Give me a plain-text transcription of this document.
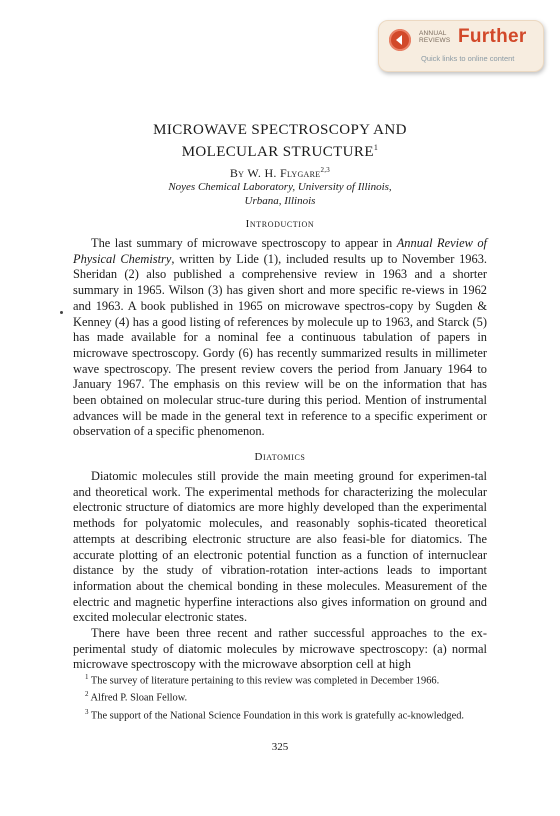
ANNUAL
REVIEWS Further
Quick links to online content
MICROWAVE SPECTROSCOPY AND
MOLECULAR STRUCTURE$^1$
By W. H. Flygare$^{2,3}$
Noyes Chemical Laboratory, University of Illinois,
Urbana, Illinois
Introduction

The last summary of microwave spectroscopy to appear in Annual Review of Physical Chemistry, written by Lide (1), included results up to November 1963. Sheridan (2) also published a comprehensive review in 1963 and a shorter summary in 1965. Wilson (3) has given short and more specific re-views in 1962 and 1963. A book published in 1965 on microwave spectros-copy by Sugden & Kenney (4) has a good listing of references by molecule up to 1963, and Starck (5) has made available for a nominal fee a continuous tabulation of papers in microwave spectroscopy. Gordy (6) has recently summarized results in millimeter wave spectroscopy. The present review covers the period from January 1964 to January 1967. The emphasis on this review will be on the information that has been obtained on molecular struc-ture during this period. Mention of instrumental advances will be made in the general text in reference to a specific experiment or observation of a specific phenomenon.

Diatomics

Diatomic molecules still provide the main meeting ground for experimen-tal and theoretical work. The experimental methods for characterizing the molecular electronic structure of diatomics are more highly developed than the experimental methods for polyatomic molecules, and reasonably sophis-ticated theoretical attempts at describing electronic structure are also feasi-ble for diatomics. The accurate plotting of an electronic potential function as a function of internuclear distance by the study of vibration-rotation inter-actions leads to important information about the chemical bonding in these molecules. Measurement of the electric and magnetic hyperfine interactions also gives information on ground and excited molecular electronic states.

There have been three recent and rather successful approaches to the ex-perimental study of diatomic molecules by microwave spectroscopy: (a) normal microwave spectroscopy with the microwave absorption cell at high

$^1$ The survey of literature pertaining to this review was completed in December 1966.

$^2$ Alfred P. Sloan Fellow.

$^3$ The support of the National Science Foundation in this work is gratefully ac-knowledged.

325
